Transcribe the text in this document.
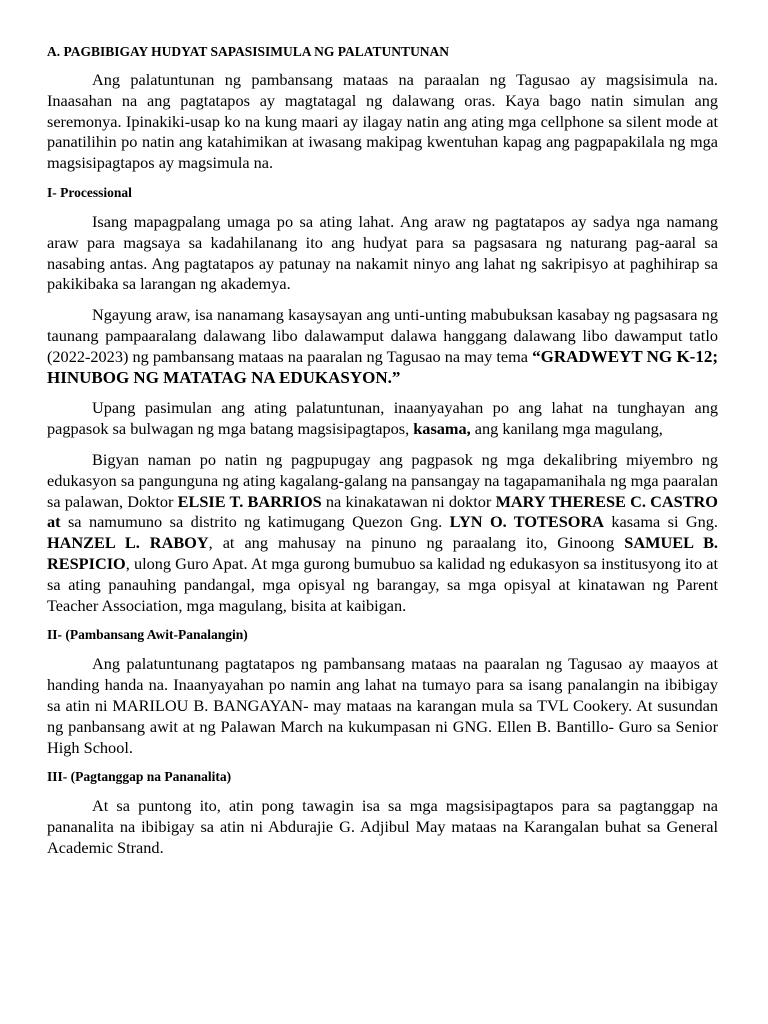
A. PAGBIBIGAY HUDYAT SAPASISIMULA NG PALATUNTUNAN

Ang palatuntunan ng pambansang mataas na paraalan ng Tagusao ay magsisimula na. Inaasahan na ang pagtatapos ay magtatagal ng dalawang oras. Kaya bago natin simulan ang seremonya. Ipinakiki-usap ko na kung maari ay ilagay natin ang ating mga cellphone sa silent mode at panatilihin po natin ang katahimikan at iwasang makipag kwentuhan kapag ang pagpapakilala ng mga magsisipagtapos ay magsimula na.

I- Processional

Isang mapagpalang umaga po sa ating lahat. Ang araw ng pagtatapos ay sadya nga namang araw para magsaya sa kadahilanang ito ang hudyat para sa pagsasara ng naturang pag-aaral sa nasabing antas. Ang pagtatapos ay patunay na nakamit ninyo ang lahat ng sakripisyo at paghihirap sa pakikibaka sa larangan ng akademya.

Ngayung araw, isa nanamang kasaysayan ang unti-unting mabubuksan kasabay ng pagsasara ng taunang pampaaralang dalawang libo dalawamput dalawa hanggang dalawang libo dawamput tatlo (2022-2023) ng pambansang mataas na paaralan ng Tagusao na may tema “GRADWEYT NG K-12; HINUBOG NG MATATAG NA EDUKASYON.”

Upang pasimulan ang ating palatuntunan, inaanyayahan po ang lahat na tunghayan ang pagpasok sa bulwagan ng mga batang magsisipagtapos, kasama, ang kanilang mga magulang,

Bigyan naman po natin ng pagpupugay ang pagpasok ng mga dekalibring miyembro ng edukasyon sa pangunguna ng ating kagalang-galang na pansangay na tagapamanihala ng mga paaralan sa palawan, Doktor ELSIE T. BARRIOS na kinakatawan ni doktor MARY THERESE C. CASTRO at sa namumuno sa distrito ng katimugang Quezon Gng. LYN O. TOTESORA kasama si Gng. HANZEL L. RABOY, at ang mahusay na pinuno ng paraalang ito, Ginoong SAMUEL B. RESPICIO, ulong Guro Apat. At mga gurong bumubuo sa kalidad ng edukasyon sa institusyong ito at sa ating panauhing pandangal, mga opisyal ng barangay, sa mga opisyal at kinatawan ng Parent Teacher Association, mga magulang, bisita at kaibigan.

II- (Pambansang Awit-Panalangin)

Ang palatuntunang pagtatapos ng pambansang mataas na paaralan ng Tagusao ay maayos at handing handa na. Inaanyayahan po namin ang lahat na tumayo para sa isang panalangin na ibibigay sa atin ni MARILOU B. BANGAYAN- may mataas na karangan mula sa TVL Cookery. At susundan ng panbansang awit at ng Palawan March na kukumpasan ni GNG. Ellen B. Bantillo- Guro sa Senior High School.

III- (Pagtanggap na Pananalita)

At sa puntong ito, atin pong tawagin isa sa mga magsisipagtapos para sa pagtanggap na pananalita na ibibigay sa atin ni Abdurajie G. Adjibul May mataas na Karangalan buhat sa General Academic Strand.
